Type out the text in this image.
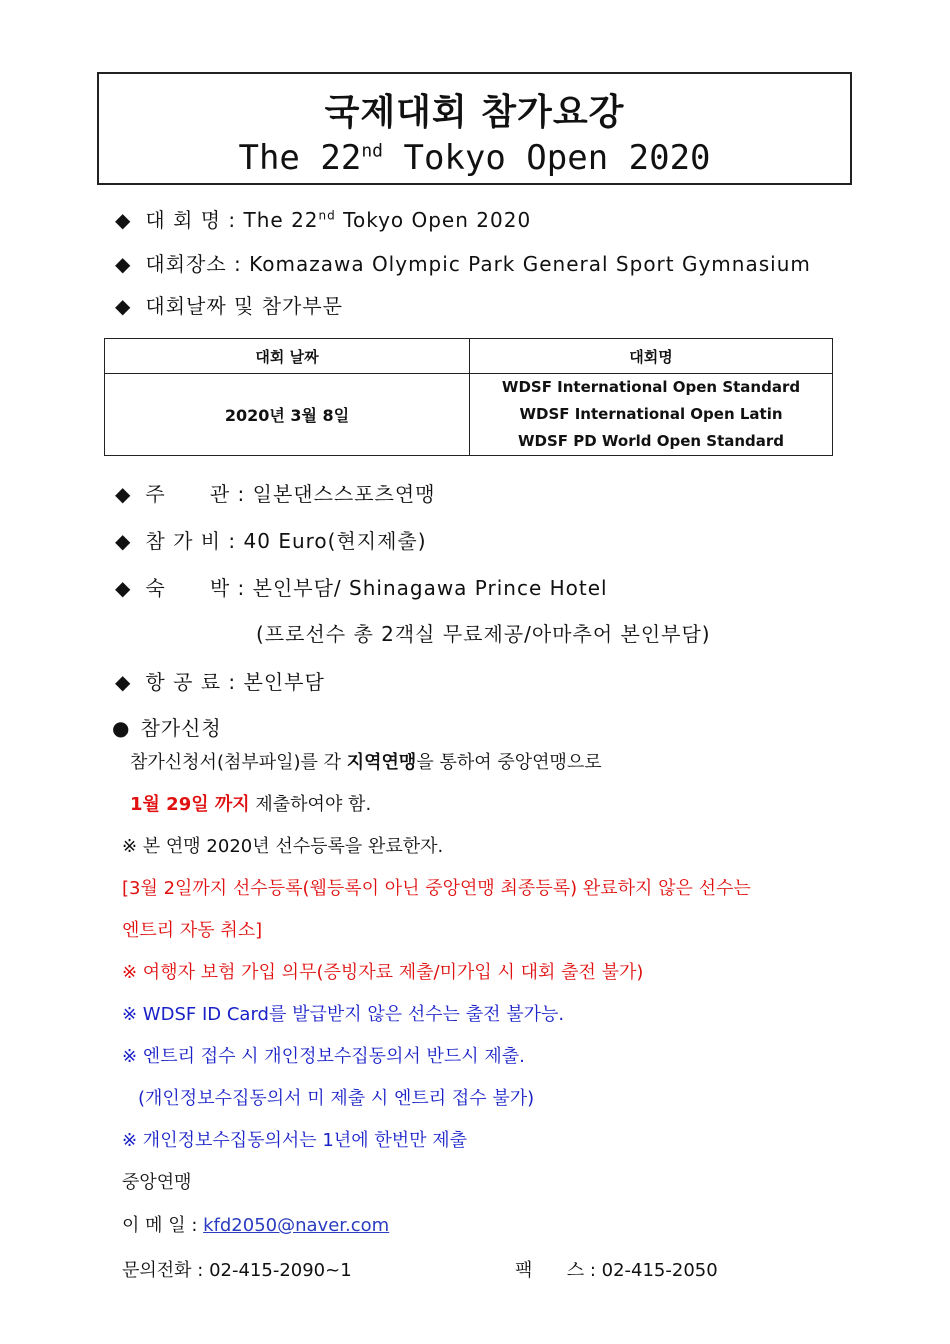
국제대회 참가요강
The 22nd Tokyo Open 2020
◆ 대 회 명 : The 22nd Tokyo Open 2020
◆ 대회장소 : Komazawa Olympic Park General Sport Gymnasium
◆ 대회날짜 및 참가부문
대회 날짜	대회명
2020년 3월 8일	WDSF International Open Standard
WDSF International Open Latin
WDSF PD World Open Standard
◆ 주      관 : 일본댄스스포츠연맹
◆ 참 가 비 : 40 Euro(현지제출)
◆ 숙      박 : 본인부담/ Shinagawa Prince Hotel
(프로선수 총 2객실 무료제공/아마추어 본인부담)
◆ 항 공 료 : 본인부담
● 참가신청
참가신청서(첨부파일)를 각 지역연맹을 통하여 중앙연맹으로
1월 29일 까지 제출하여야 함.
※ 본 연맹 2020년 선수등록을 완료한자.
[3월 2일까지 선수등록(웹등록이 아닌 중앙연맹 최종등록) 완료하지 않은 선수는
엔트리 자동 취소]
※ 여행자 보험 가입 의무(증빙자료 제출/미가입 시 대회 출전 불가)
※ WDSF ID Card를 발급받지 않은 선수는 출전 불가능.
※ 엔트리 접수 시 개인정보수집동의서 반드시 제출.
(개인정보수집동의서 미 제출 시 엔트리 접수 불가)
※ 개인정보수집동의서는 1년에 한번만 제출
중앙연맹
이 메 일 : kfd2050@naver.com
문의전화 : 02-415-2090~1	팩      스 : 02-415-2050
